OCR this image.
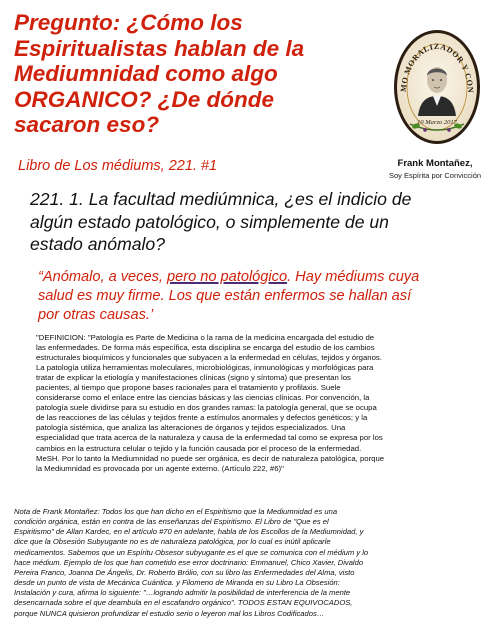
Pregunto: ¿Cómo los
Espiritualistas hablan de la
Mediumnidad como algo
ORGANICO? ¿De dónde
sacaron eso?
Libro de Los médiums, 221. #1
MO MORALIZADOR Y CON
10 Marzo 2017
Frank Montañez,
Soy Espírita por Convicción
221. 1. La facultad mediúmnica, ¿es el indicio de
algún estado patológico, o simplemente de un
estado anómalo?
“Anómalo, a veces, pero no patológico. Hay médiums cuya
salud es muy firme. Los que están enfermos se hallan así
por otras causas.’
"DEFINICION: "Patología es Parte de Medicina o la rama de la medicina encargada del estudio de
las enfermedades. De forma más específica, esta disciplina se encarga del estudio de los cambios
estructurales bioquímicos y funcionales que subyacen a la enfermedad en células, tejidos y órganos.
La patología utiliza herramientas moleculares, microbiológicas, inmunológicas y morfológicas para
tratar de explicar la etiología y manifestaciones clínicas (signo y síntoma) que presentan los
pacientes, al tiempo que propone bases racionales para el tratamiento y profilaxis. Suele
considerarse como el enlace entre las ciencias básicas y las ciencias clínicas. Por convención, la
patología suele dividirse para su estudio en dos grandes ramas: la patología general, que se ocupa
de las reacciones de las células y tejidos frente a estímulos anormales y defectos genéticos; y la
patología sistémica, que analiza las alteraciones de órganos y tejidos especializados. Una
especialidad que trata acerca de la naturaleza y causa de la enfermedad tal como se expresa por los
cambios en la estructura celular o tejido y la función causada por el proceso de la enfermedad.
MeSH. Por lo tanto la Mediumnidad no puede ser orgánica, es decir de naturaleza patológica, porque
la Mediumnidad es provocada por un agente externo. (Artículo 222, #6)"
Nota de Frank Montañez: Todos los que han dicho en el Espiritismo que la Mediumnidad es una
condición orgánica, están en contra de las enseñanzas del Espiritismo. El Libro de "Que es el
Espiritismo" de Allan Kardec, en el artículo #70 en adelante, habla de los Escollos de la Mediumnidad, y
dice que la Obsesión Subyugante no es de naturaleza patológica, por lo cual es inútil aplicarle
medicamentos. Sabemos que un Espíritu Obsesor subyugante es el que se comunica con el médium y lo
hace médium. Ejemplo de los que han cometido ese error doctrinario: Emmanuel, Chico Xavier, Divaldo
Pereira Franco, Joanna De Ángelis, Dr. Roberto Brólio, con su libro las Enfermedades del Alma, visto
desde un punto de vista de Mecánica Cuántica. y Filomeno de Miranda en su Libro La Obsesión:
Instalación y cura, afirma lo siguiente: "…logrando admitir la posibilidad de interferencia de la mente
desencarnada sobre el que deambula en el escafandro orgánico". TODOS ESTAN EQUIVOCADOS,
porque NUNCA quisieron profundizar el estudio serio o leyeron mal los Libros Codificados…
